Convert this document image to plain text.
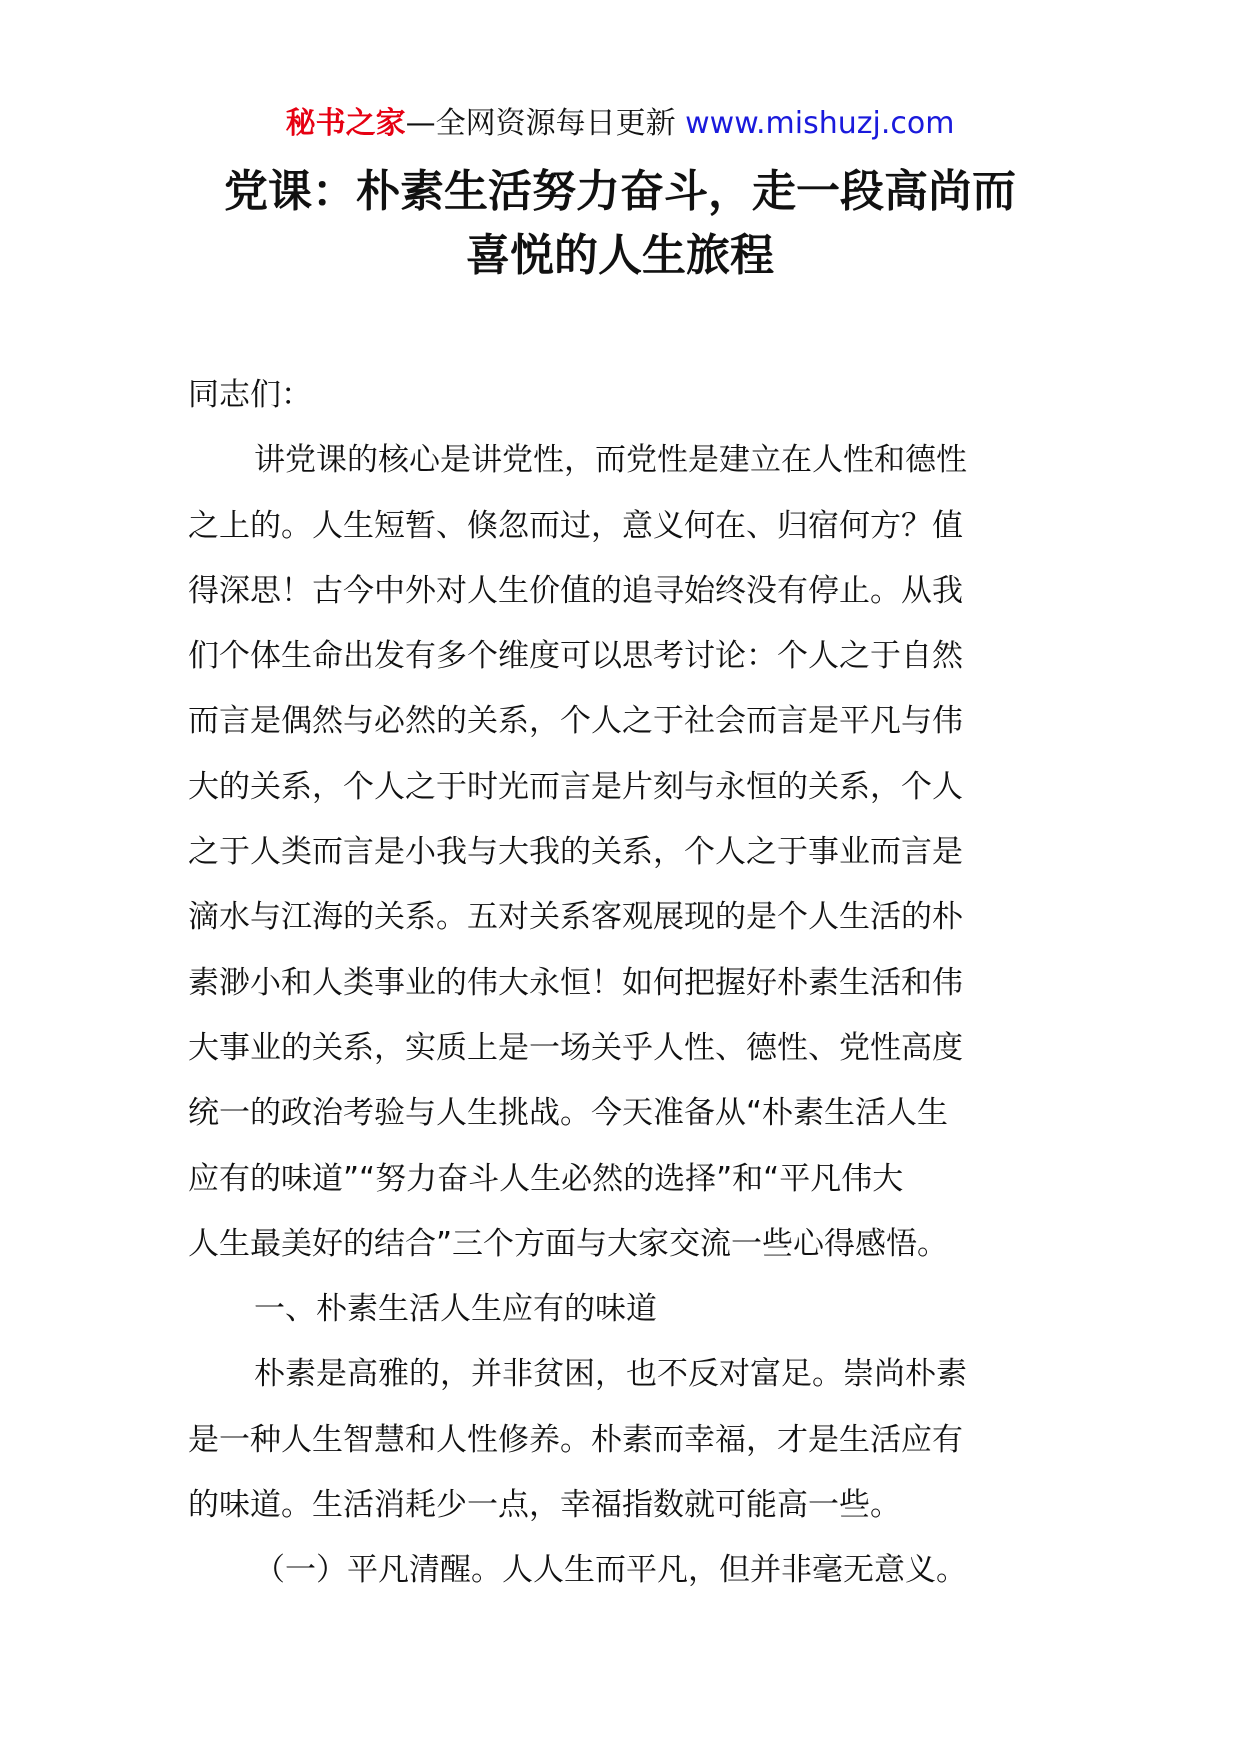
秘书之家—全网资源每日更新 www.mishuzj.com
党课：朴素生活努力奋斗，走一段高尚而
喜悦的人生旅程
同志们：
讲党课的核心是讲党性，而党性是建立在人性和德性
之上的。人生短暂、倏忽而过，意义何在、归宿何方？值
得深思！古今中外对人生价值的追寻始终没有停止。从我
们个体生命出发有多个维度可以思考讨论：个人之于自然
而言是偶然与必然的关系，个人之于社会而言是平凡与伟
大的关系，个人之于时光而言是片刻与永恒的关系，个人
之于人类而言是小我与大我的关系，个人之于事业而言是
滴水与江海的关系。五对关系客观展现的是个人生活的朴
素渺小和人类事业的伟大永恒！如何把握好朴素生活和伟
大事业的关系，实质上是一场关乎人性、德性、党性高度
统一的政治考验与人生挑战。今天准备从“朴素生活人生
应有的味道”“努力奋斗人生必然的选择”和“平凡伟大
人生最美好的结合”三个方面与大家交流一些心得感悟。
一、朴素生活人生应有的味道
朴素是高雅的，并非贫困，也不反对富足。崇尚朴素
是一种人生智慧和人性修养。朴素而幸福，才是生活应有
的味道。生活消耗少一点，幸福指数就可能高一些。
（一）平凡清醒。人人生而平凡，但并非毫无意义。
